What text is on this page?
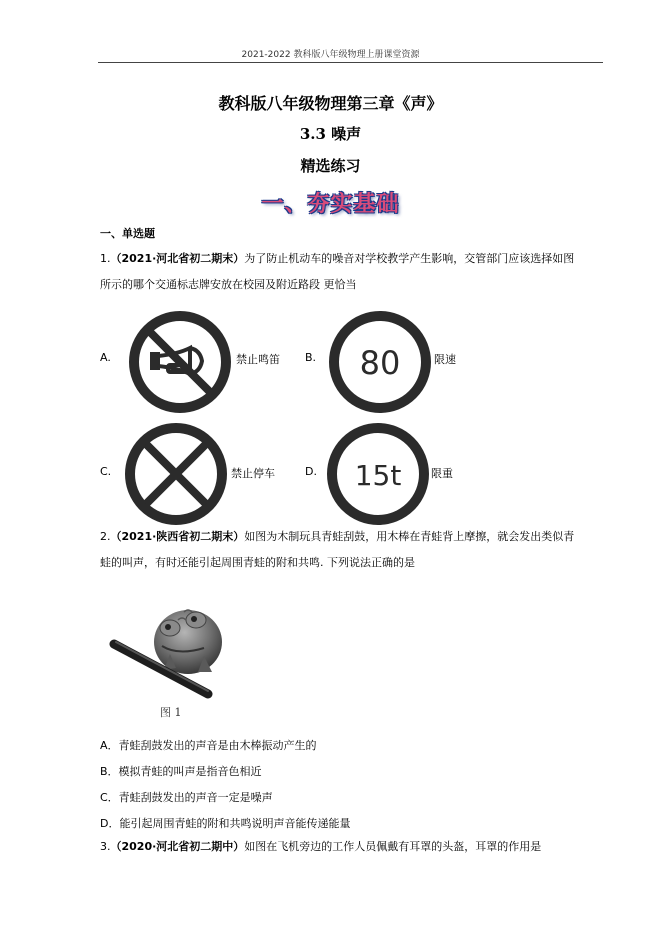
2021-2022 教科版八年级物理上册课堂资源
教科版八年级物理第三章《声》
3.3 噪声
精选练习
一、夯实基础
一、单选题
1.（2021·河北省初二期末）为了防止机动车的噪音对学校教学产生影响，交管部门应该选择如图
所示的哪个交通标志牌安放在校园及附近路段 更恰当
A.	禁止鸣笛 B. 80	限速
C.	禁止停车	D. 15t	限重
2.（2021·陕西省初二期末）如图为木制玩具青蛙刮鼓，用木棒在青蛙背上摩擦，就会发出类似青
蛙的叫声，有时还能引起周围青蛙的附和共鸣. 下列说法正确的是
图 1
A．青蛙刮鼓发出的声音是由木棒振动产生的
B．模拟青蛙的叫声是指音色相近
C．青蛙刮鼓发出的声音一定是噪声
D．能引起周围青蛙的附和共鸣说明声音能传递能量
3.（2020·河北省初二期中）如图在飞机旁边的工作人员佩戴有耳罩的头盔，耳罩的作用是
